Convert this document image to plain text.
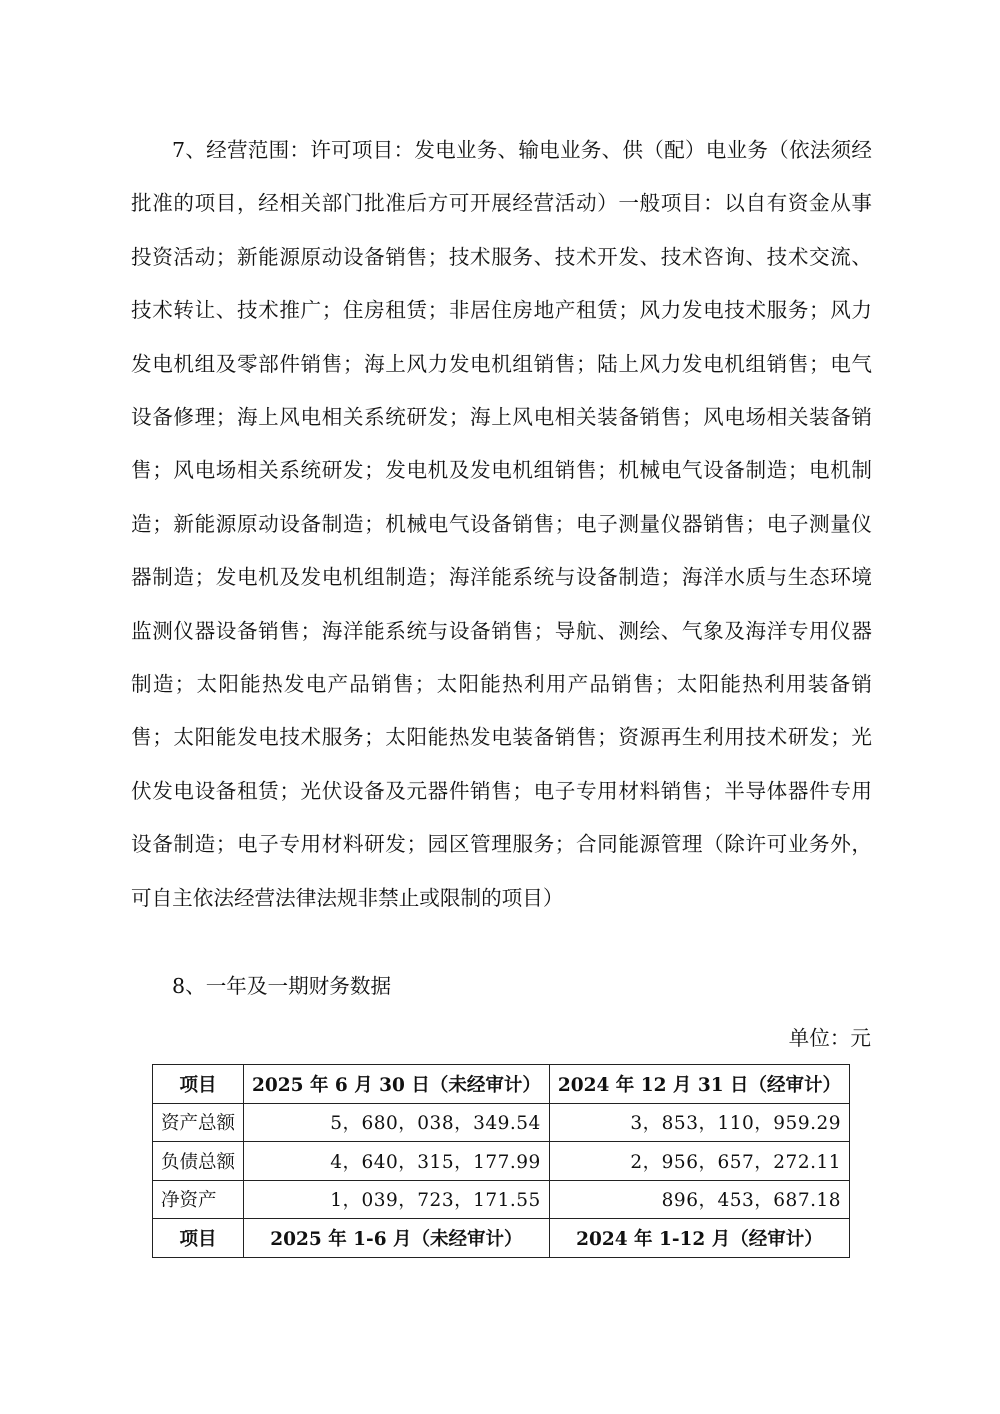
7、经营范围：许可项目：发电业务、输电业务、供（配）电业务（依法须经批准的项目，经相关部门批准后方可开展经营活动）一般项目：以自有资金从事投资活动；新能源原动设备销售；技术服务、技术开发、技术咨询、技术交流、技术转让、技术推广；住房租赁；非居住房地产租赁；风力发电技术服务；风力发电机组及零部件销售；海上风力发电机组销售；陆上风力发电机组销售；电气设备修理；海上风电相关系统研发；海上风电相关装备销售；风电场相关装备销售；风电场相关系统研发；发电机及发电机组销售；机械电气设备制造；电机制造；新能源原动设备制造；机械电气设备销售；电子测量仪器销售；电子测量仪器制造；发电机及发电机组制造；海洋能系统与设备制造；海洋水质与生态环境监测仪器设备销售；海洋能系统与设备销售；导航、测绘、气象及海洋专用仪器制造；太阳能热发电产品销售；太阳能热利用产品销售；太阳能热利用装备销售；太阳能发电技术服务；太阳能热发电装备销售；资源再生利用技术研发；光伏发电设备租赁；光伏设备及元器件销售；电子专用材料销售；半导体器件专用设备制造；电子专用材料研发；园区管理服务；合同能源管理（除许可业务外，可自主依法经营法律法规非禁止或限制的项目）

8、一年及一期财务数据

单位：元

项目	2025 年 6 月 30 日（未经审计）	2024 年 12 月 31 日（经审计）
资产总额	5，680，038，349.54	3，853，110，959.29
负债总额	4，640，315，177.99	2，956，657，272.11
净资产	1，039，723，171.55	896，453，687.18
项目	2025 年 1-6 月（未经审计）	2024 年 1-12 月（经审计）
